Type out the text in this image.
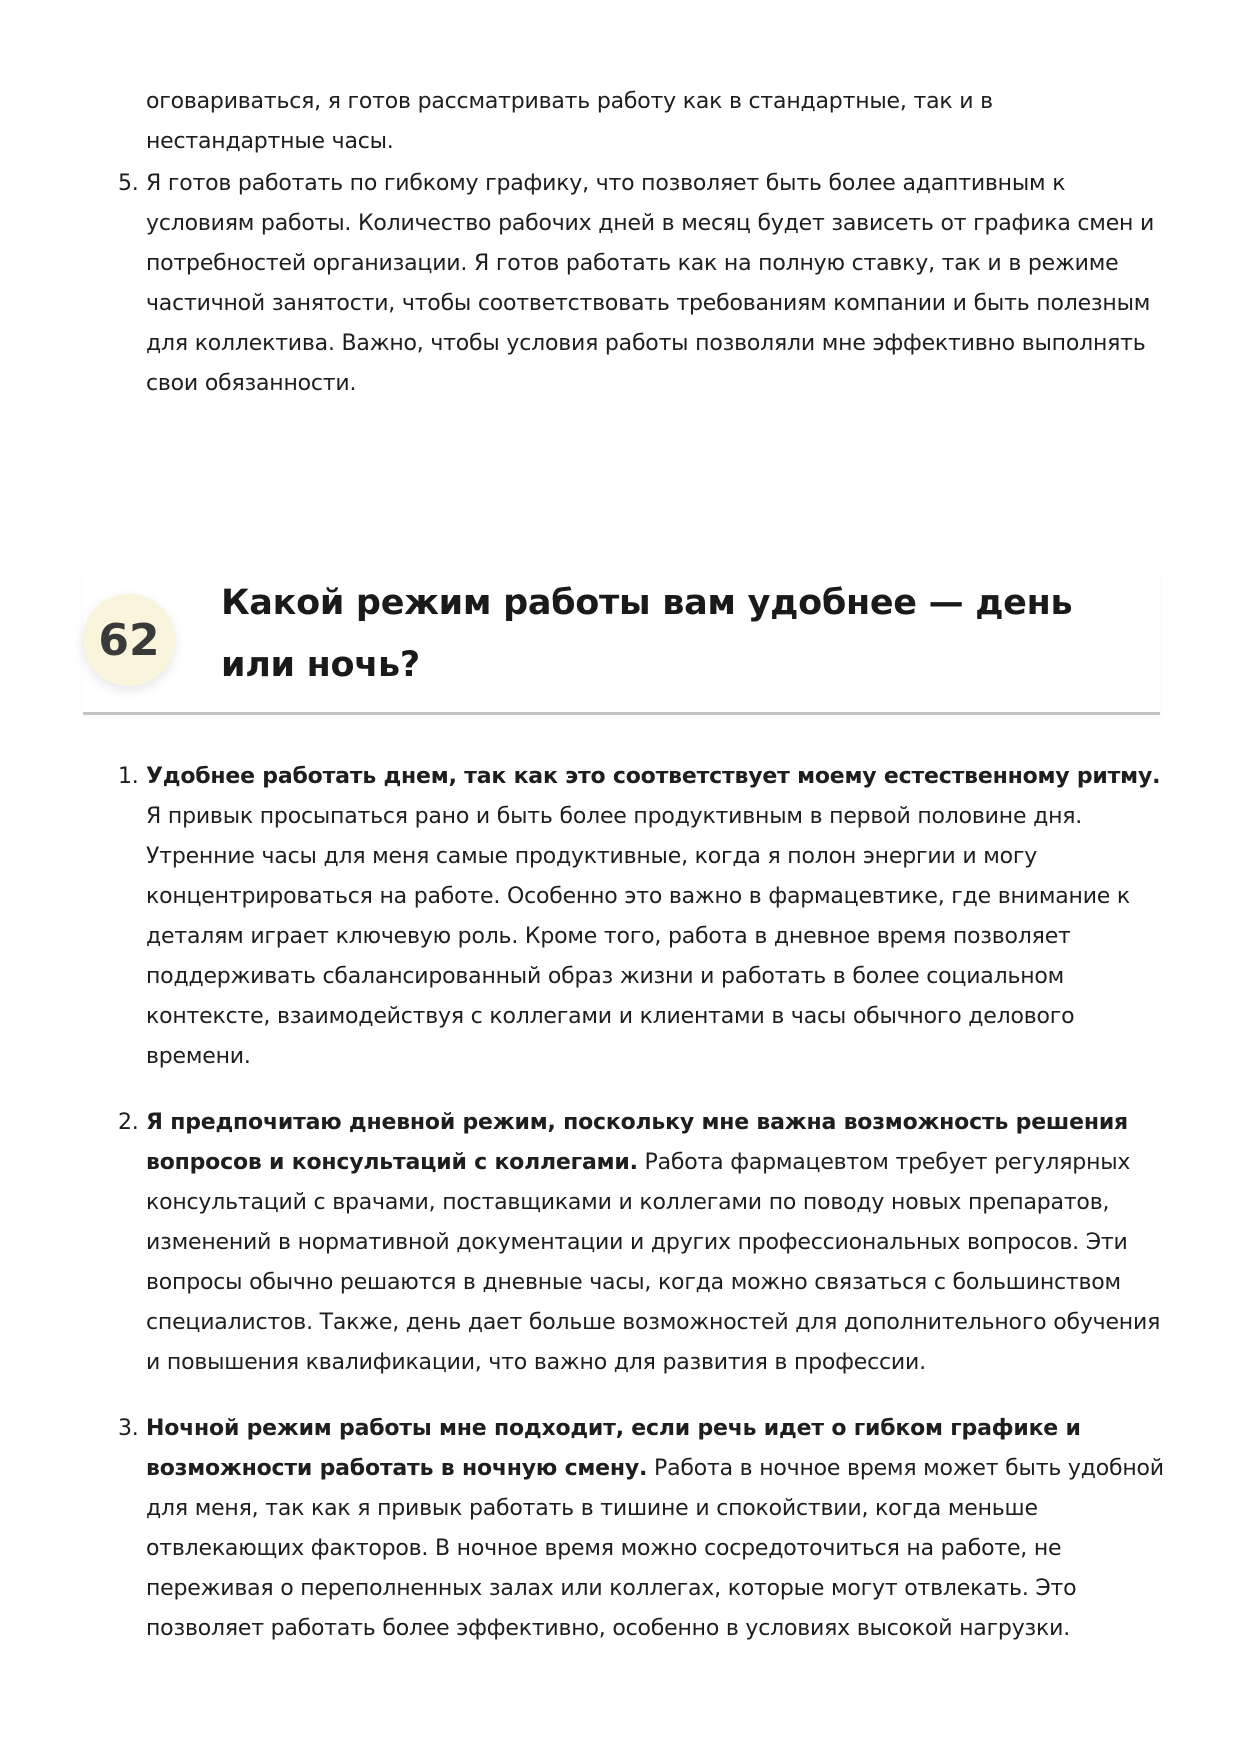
оговариваться, я готов рассматривать работу как в стандартные, так и в нестандартные часы.

5. Я готов работать по гибкому графику, что позволяет быть более адаптивным к условиям работы. Количество рабочих дней в месяц будет зависеть от графика смен и потребностей организации. Я готов работать как на полную ставку, так и в режиме частичной занятости, чтобы соответствовать требованиям компании и быть полезным для коллектива. Важно, чтобы условия работы позволяли мне эффективно выполнять свои обязанности.
62
Какой режим работы вам удобнее — день или ночь?
1. Удобнее работать днем, так как это соответствует моему естественному ритму. Я привык просыпаться рано и быть более продуктивным в первой половине дня. Утренние часы для меня самые продуктивные, когда я полон энергии и могу концентрироваться на работе. Особенно это важно в фармацевтике, где внимание к деталям играет ключевую роль. Кроме того, работа в дневное время позволяет поддерживать сбалансированный образ жизни и работать в более социальном контексте, взаимодействуя с коллегами и клиентами в часы обычного делового времени.
2. Я предпочитаю дневной режим, поскольку мне важна возможность решения вопросов и консультаций с коллегами. Работа фармацевтом требует регулярных консультаций с врачами, поставщиками и коллегами по поводу новых препаратов, изменений в нормативной документации и других профессиональных вопросов. Эти вопросы обычно решаются в дневные часы, когда можно связаться с большинством специалистов. Также, день дает больше возможностей для дополнительного обучения и повышения квалификации, что важно для развития в профессии.
3. Ночной режим работы мне подходит, если речь идет о гибком графике и возможности работать в ночную смену. Работа в ночное время может быть удобной для меня, так как я привык работать в тишине и спокойствии, когда меньше отвлекающих факторов. В ночное время можно сосредоточиться на работе, не переживая о переполненных залах или коллегах, которые могут отвлекать. Это позволяет работать более эффективно, особенно в условиях высокой нагрузки.
